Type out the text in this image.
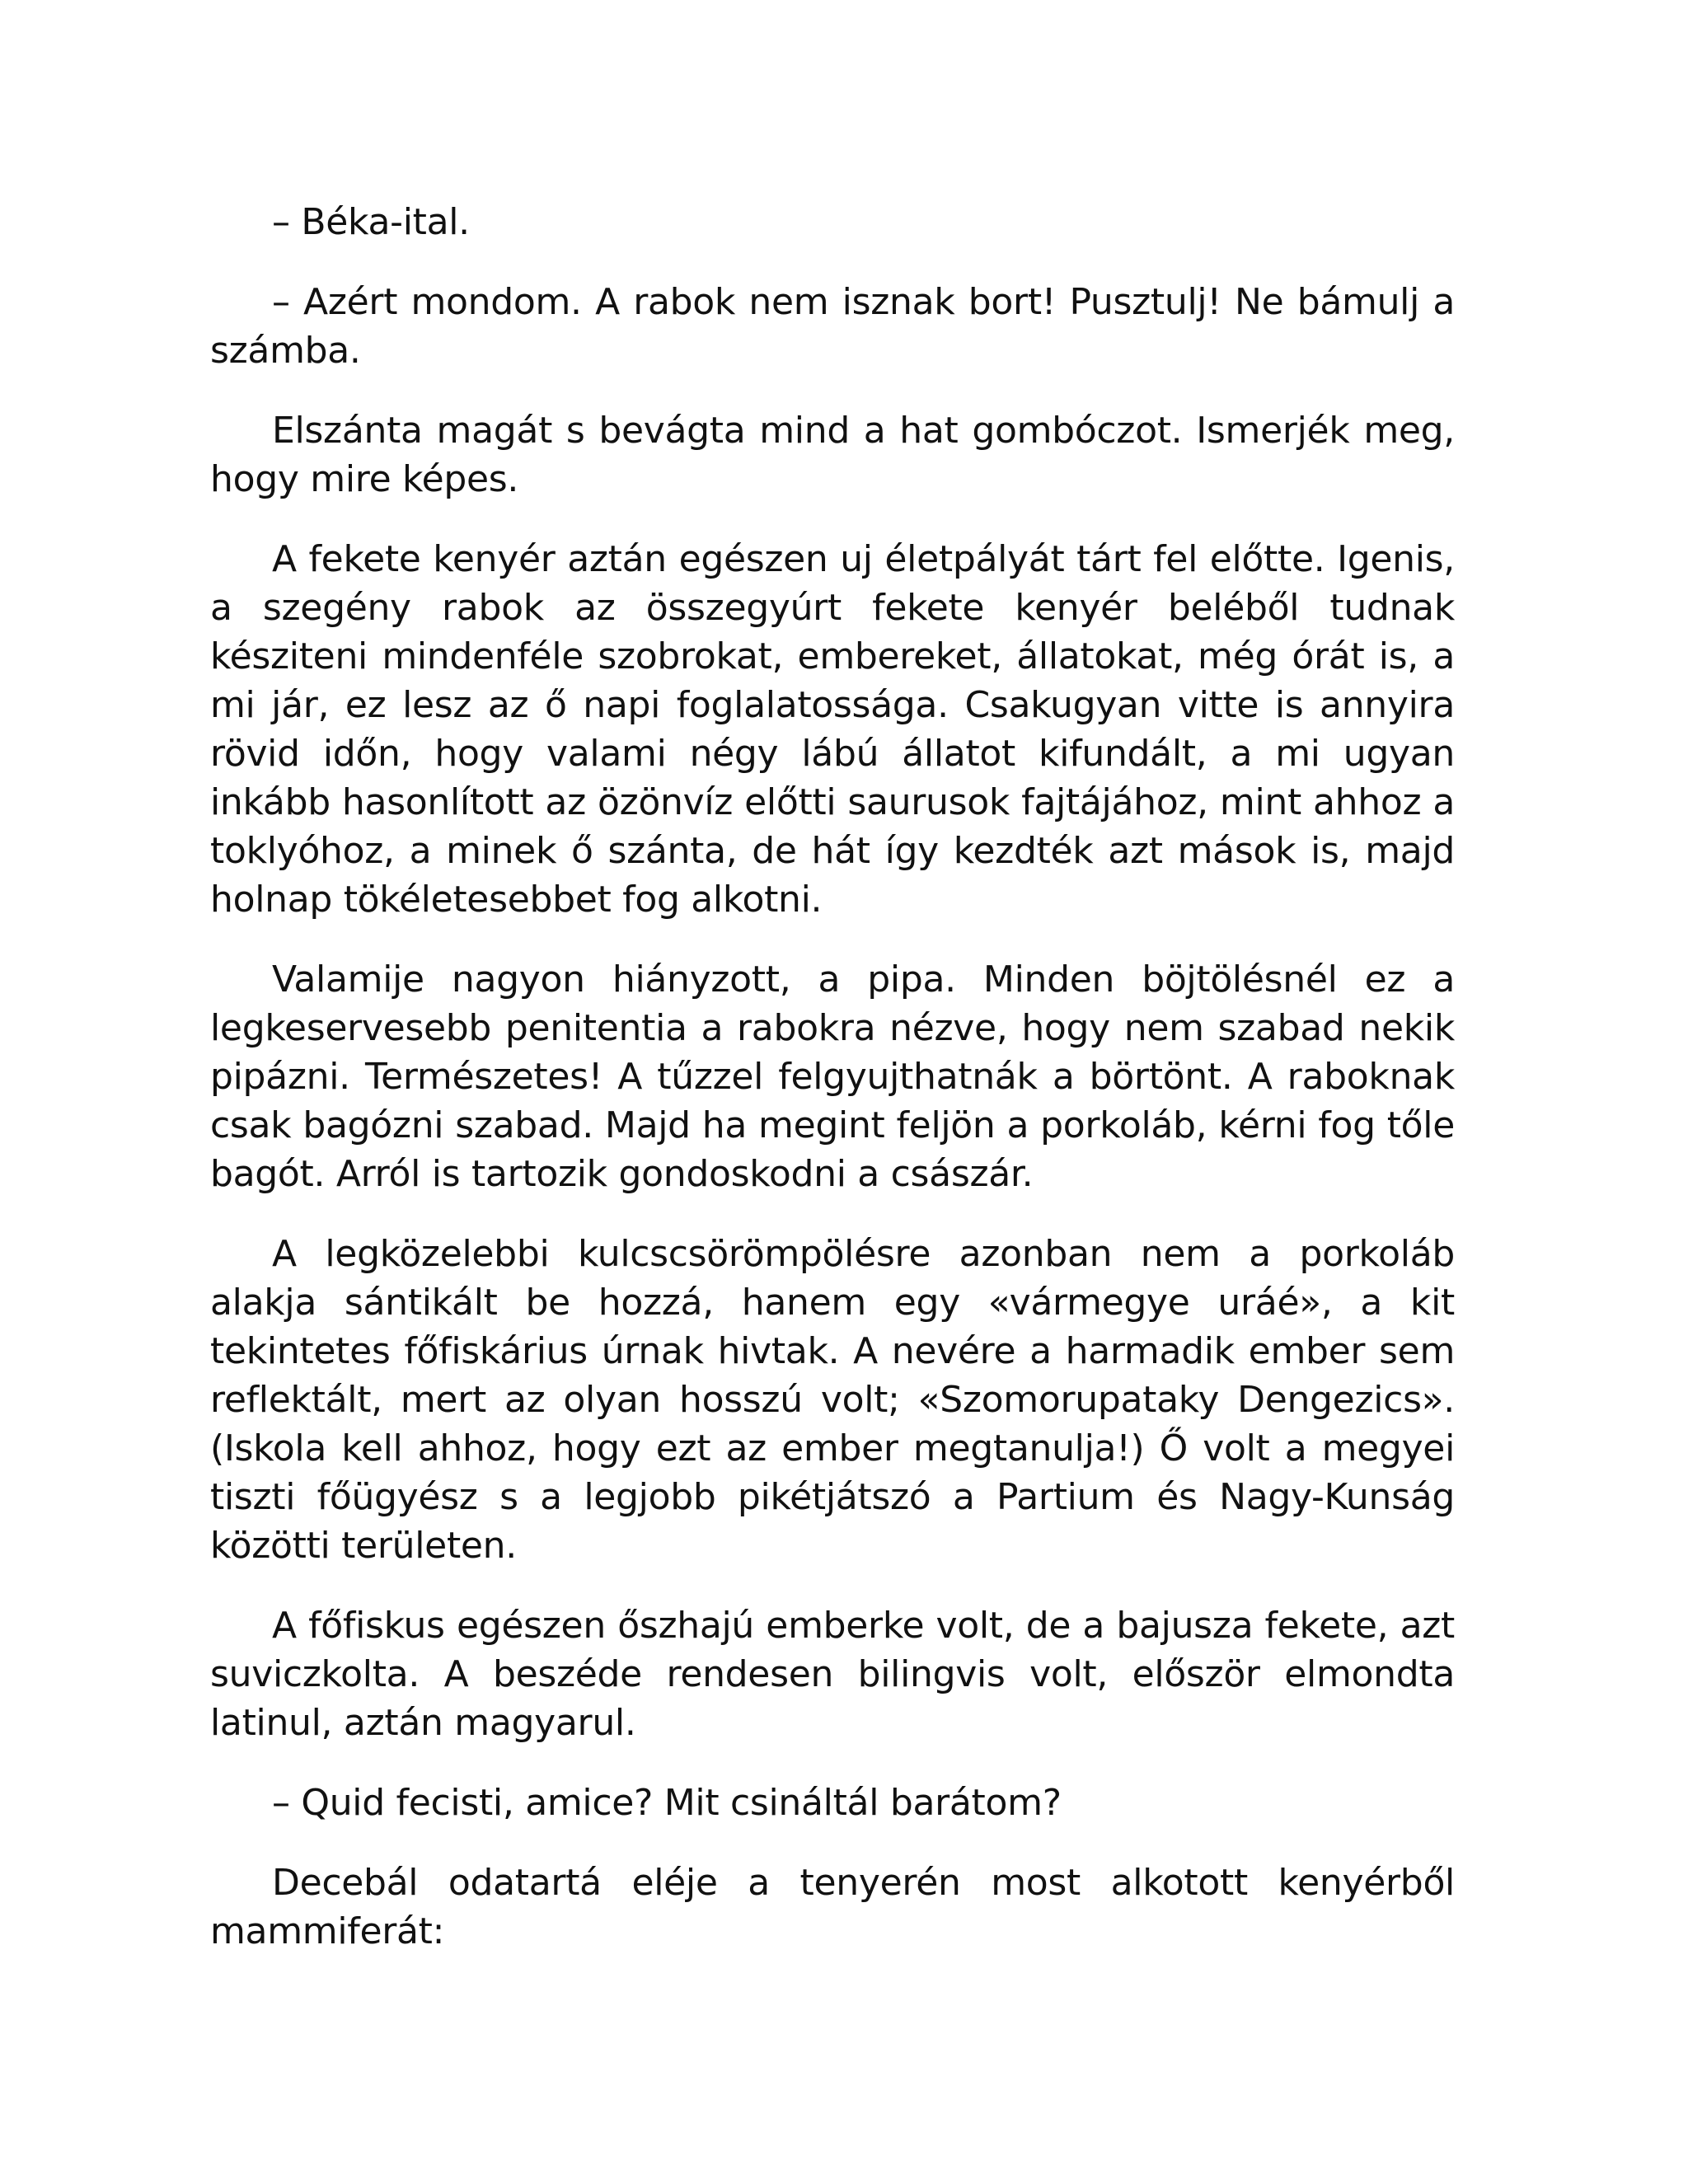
– Béka-ital.

– Azért mondom. A rabok nem isznak bort! Pusztulj! Ne bámulj a számba.

Elszánta magát s bevágta mind a hat gombóczot. Ismerjék meg, hogy mire képes.

A fekete kenyér aztán egészen uj életpályát tárt fel előtte. Igenis, a szegény rabok az összegyúrt fekete kenyér beléből tudnak késziteni mindenféle szobrokat, embereket, állatokat, még órát is, a mi jár, ez lesz az ő napi foglalatossága. Csakugyan vitte is annyira rövid időn, hogy valami négy lábú állatot kifundált, a mi ugyan inkább hasonlított az özönvíz előtti saurusok fajtájához, mint ahhoz a toklyóhoz, a minek ő szánta, de hát így kezdték azt mások is, majd holnap tökéletesebbet fog alkotni.

Valamije nagyon hiányzott, a pipa. Minden böjtölésnél ez a legkeservesebb penitentia a rabokra nézve, hogy nem szabad nekik pipázni. Természetes! A tűzzel felgyujthatnák a börtönt. A raboknak csak bagózni szabad. Majd ha megint feljön a porkoláb, kérni fog tőle bagót. Arról is tartozik gondoskodni a császár.

A legközelebbi kulcscsörömpölésre azonban nem a porkoláb alakja sántikált be hozzá, hanem egy «vármegye uráé», a kit tekintetes főfiskárius úrnak hivtak. A nevére a harmadik ember sem reflektált, mert az olyan hosszú volt; «Szomorupataky Dengezics». (Iskola kell ahhoz, hogy ezt az ember megtanulja!) Ő volt a megyei tiszti főügyész s a legjobb pikétjátszó a Partium és Nagy-Kunság közötti területen.

A főfiskus egészen őszhajú emberke volt, de a bajusza fekete, azt suviczkolta. A beszéde rendesen bilingvis volt, először elmondta latinul, aztán magyarul.

– Quid fecisti, amice? Mit csináltál barátom?

Decebál odatartá eléje a tenyerén most alkotott kenyérből mammiferát:
